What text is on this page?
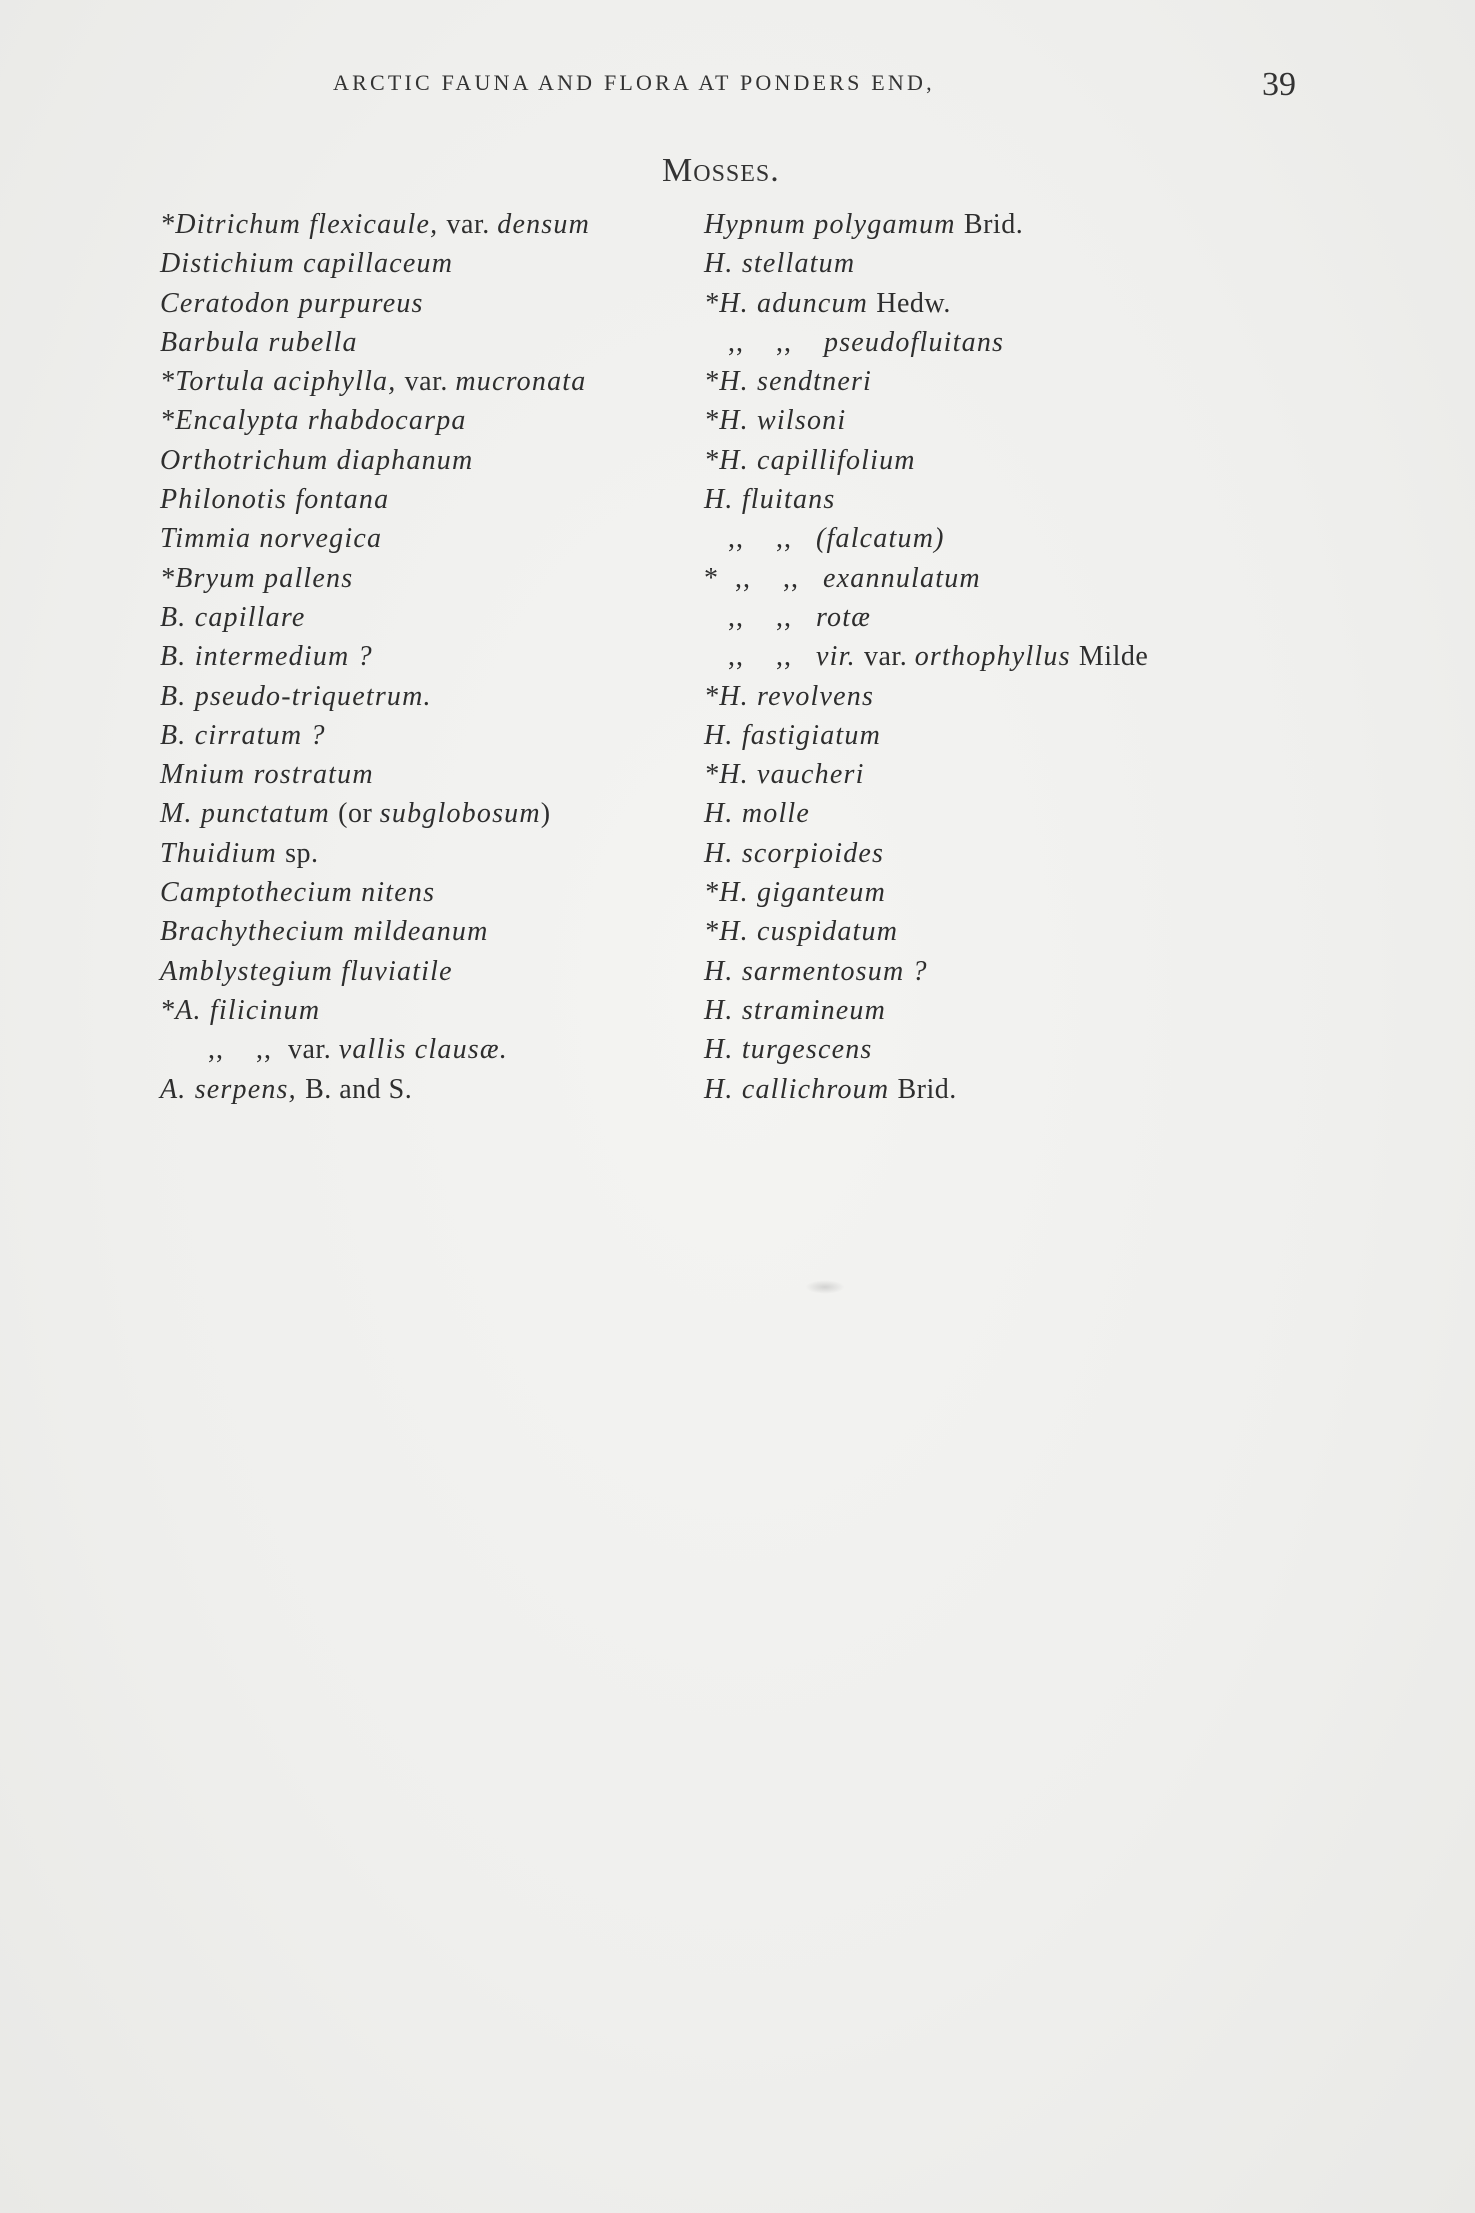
ARCTIC FAUNA AND FLORA AT PONDERS END,	39
Mosses.
*Ditrichum flexicaule, var. densum
Distichium capillaceum
Ceratodon purpureus
Barbula rubella
*Tortula aciphylla, var. mucronata
*Encalypta rhabdocarpa
Orthotrichum diaphanum
Philonotis fontana
Timmia norvegica
*Bryum pallens
B. capillare
B. intermedium ?
B. pseudo-triquetrum.
B. cirratum ?
Mnium rostratum
M. punctatum (or subglobosum)
Thuidium sp.
Camptothecium nitens
Brachythecium mildeanum
Amblystegium fluviatile
*A. filicinum
,,    ,,  var. vallis clausæ.
A. serpens, B. and S.
Hypnum polygamum Brid.
H. stellatum
*H. aduncum Hedw.
,,    ,,    pseudofluitans
*H. sendtneri
*H. wilsoni
*H. capillifolium
H. fluitans
,,    ,,   (falcatum)
*  ,,    ,,   exannulatum
,,    ,,   rotæ
,,    ,,   vir. var. orthophyllus Milde
*H. revolvens
H. fastigiatum
*H. vaucheri
H. molle
H. scorpioides
*H. giganteum
*H. cuspidatum
H. sarmentosum ?
H. stramineum
H. turgescens
H. callichroum Brid.
